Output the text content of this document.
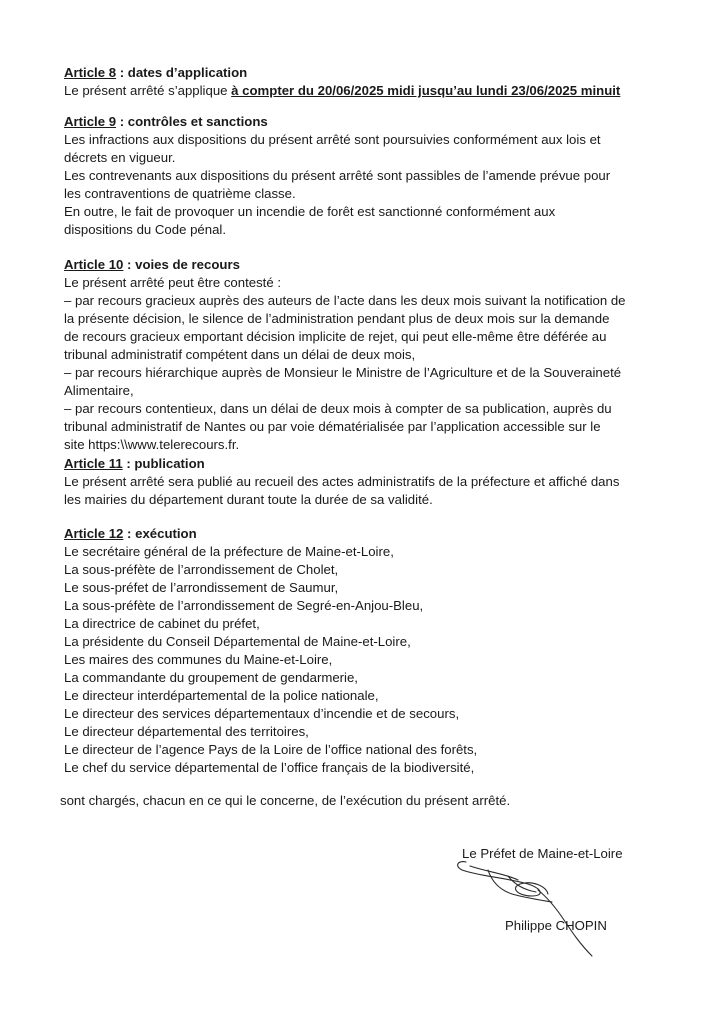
Article 8 : dates d’application

Le présent arrêté s’applique à compter du 20/06/2025 midi jusqu’au lundi 23/06/2025 minuit

Article 9 : contrôles et sanctions

Les infractions aux dispositions du présent arrêté sont poursuivies conformément aux lois et
décrets en vigueur.
Les contrevenants aux dispositions du présent arrêté sont passibles de l’amende prévue pour
les contraventions de quatrième classe.
En outre, le fait de provoquer un incendie de forêt est sanctionné conformément aux
dispositions du Code pénal.

Article 10 : voies de recours

Le présent arrêté peut être contesté :
– par recours gracieux auprès des auteurs de l’acte dans les deux mois suivant la notification de
la présente décision, le silence de l’administration pendant plus de deux mois sur la demande
de recours gracieux emportant décision implicite de rejet, qui peut elle-même être déférée au
tribunal administratif compétent dans un délai de deux mois,
– par recours hiérarchique auprès de Monsieur le Ministre de l’Agriculture et de la Souveraineté
Alimentaire,
– par recours contentieux, dans un délai de deux mois à compter de sa publication, auprès du
tribunal administratif de Nantes ou par voie dématérialisée par l’application accessible sur le
site https:\\www.telerecours.fr.

Article 11 : publication

Le présent arrêté sera publié au recueil des actes administratifs de la préfecture et affiché dans
les mairies du département durant toute la durée de sa validité.

Article 12 : exécution

Le secrétaire général de la préfecture de Maine-et-Loire,
La sous-préfète de l’arrondissement de Cholet,
Le sous-préfet de l’arrondissement de Saumur,
La sous-préfète de l’arrondissement de Segré-en-Anjou-Bleu,
La directrice de cabinet du préfet,
La présidente du Conseil Départemental de Maine-et-Loire,
Les maires des communes du Maine-et-Loire,
La commandante du groupement de gendarmerie,
Le directeur interdépartemental de la police nationale,
Le directeur des services départementaux d’incendie et de secours,
Le directeur départemental des territoires,
Le directeur de l’agence Pays de la Loire de l’office national des forêts,
Le chef du service départemental de l’office français de la biodiversité,

sont chargés, chacun en ce qui le concerne, de l’exécution du présent arrêté.

Le Préfet de Maine-et-Loire
Philippe CHOPIN
